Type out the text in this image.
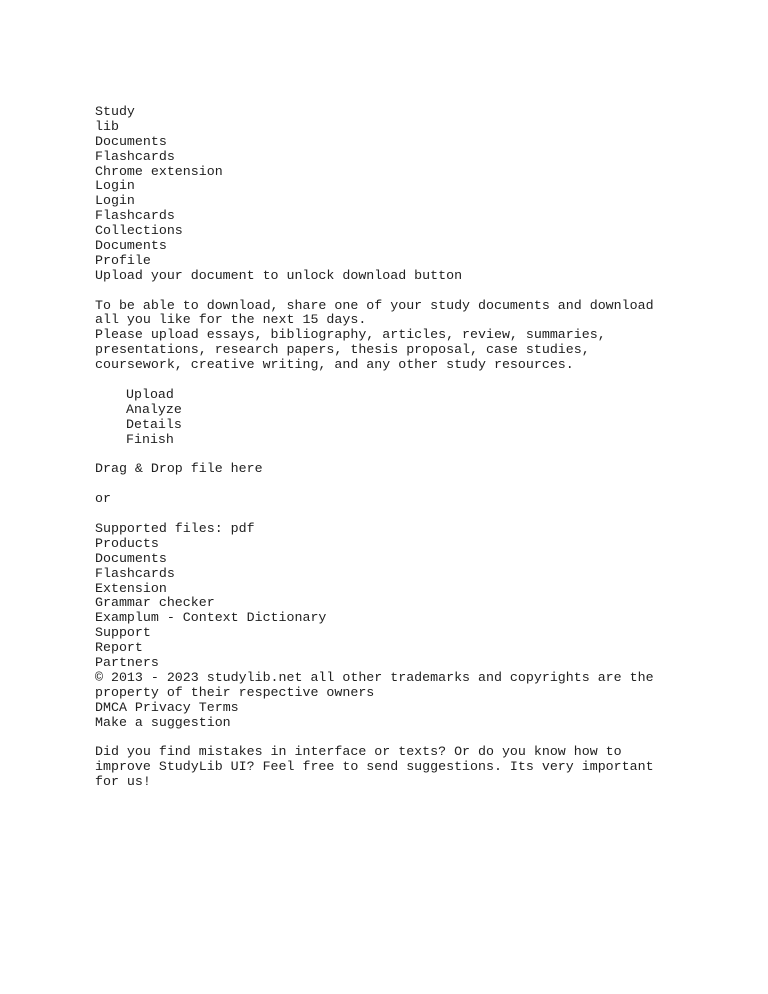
Study
lib
Documents
Flashcards
Chrome extension
Login
Login
Flashcards
Collections
Documents
Profile
Upload your document to unlock download button
To be able to download, share one of your study documents and download all you like for the next 15 days.
Please upload essays, bibliography, articles, review, summaries, presentations, research papers, thesis proposal, case studies, coursework, creative writing, and any other study resources.
Upload
Analyze
Details
Finish
Drag & Drop file here
or
Supported files: pdf
Products
Documents
Flashcards
Extension
Grammar checker
Examplum - Context Dictionary
Support
Report
Partners
© 2013 - 2023 studylib.net all other trademarks and copyrights are the property of their respective owners
DMCA Privacy Terms
Make a suggestion
Did you find mistakes in interface or texts? Or do you know how to improve StudyLib UI? Feel free to send suggestions. Its very important for us!
